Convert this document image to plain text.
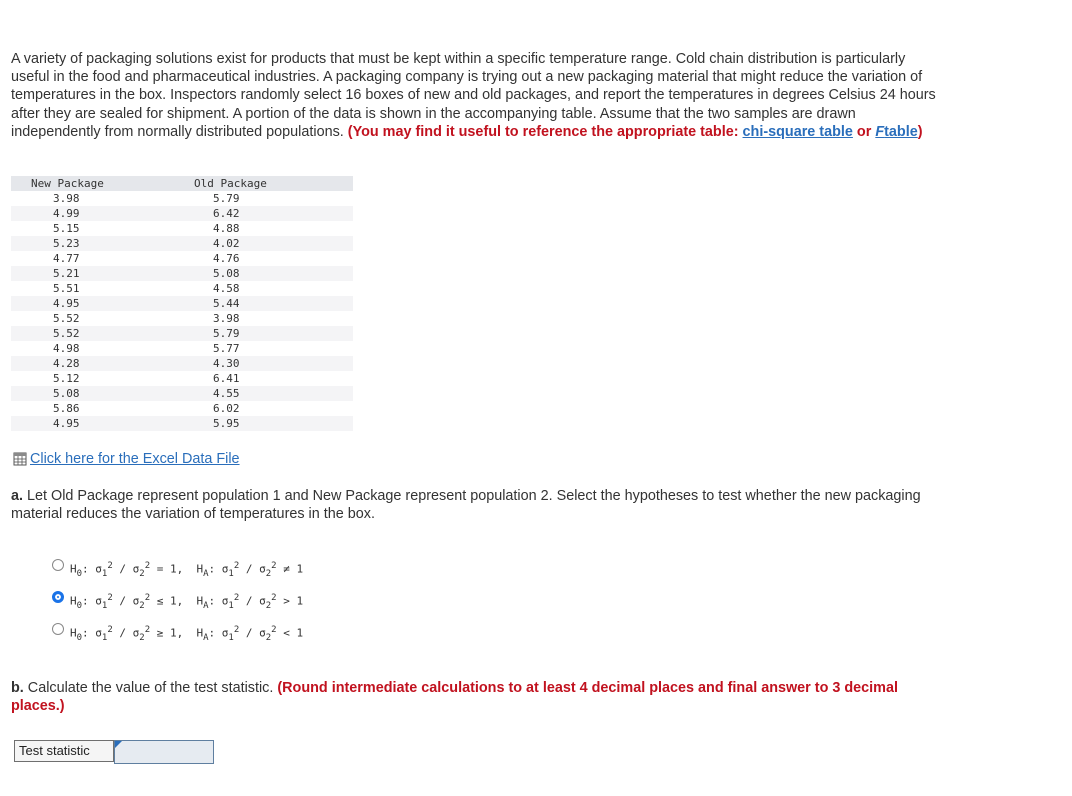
A variety of packaging solutions exist for products that must be kept within a specific temperature range. Cold chain distribution is particularly useful in the food and pharmaceutical industries. A packaging company is trying out a new packaging material that might reduce the variation of temperatures in the box. Inspectors randomly select 16 boxes of new and old packages, and report the temperatures in degrees Celsius 24 hours after they are sealed for shipment. A portion of the data is shown in the accompanying table. Assume that the two samples are drawn independently from normally distributed populations. (You may find it useful to reference the appropriate table: chi-square table or Ftable)
New Package	Old Package
3.98	5.79
4.99	6.42
5.15	4.88
5.23	4.02
4.77	4.76
5.21	5.08
5.51	4.58
4.95	5.44
5.52	3.98
5.52	5.79
4.98	5.77
4.28	4.30
5.12	6.41
5.08	4.55
5.86	6.02
4.95	5.95
Click here for the Excel Data File
a. Let Old Package represent population 1 and New Package represent population 2. Select the hypotheses to test whether the new packaging material reduces the variation of temperatures in the box.
$H_0$: $\sigma_1^2 / \sigma_2^2 = 1$,  $H_A$: $\sigma_1^2 / \sigma_2^2 \ne 1$
$H_0$: $\sigma_1^2 / \sigma_2^2 \le 1$,  $H_A$: $\sigma_1^2 / \sigma_2^2 > 1$
$H_0$: $\sigma_1^2 / \sigma_2^2 \ge 1$,  $H_A$: $\sigma_1^2 / \sigma_2^2 < 1$
b. Calculate the value of the test statistic. (Round intermediate calculations to at least 4 decimal places and final answer to 3 decimal places.)
Test statistic
